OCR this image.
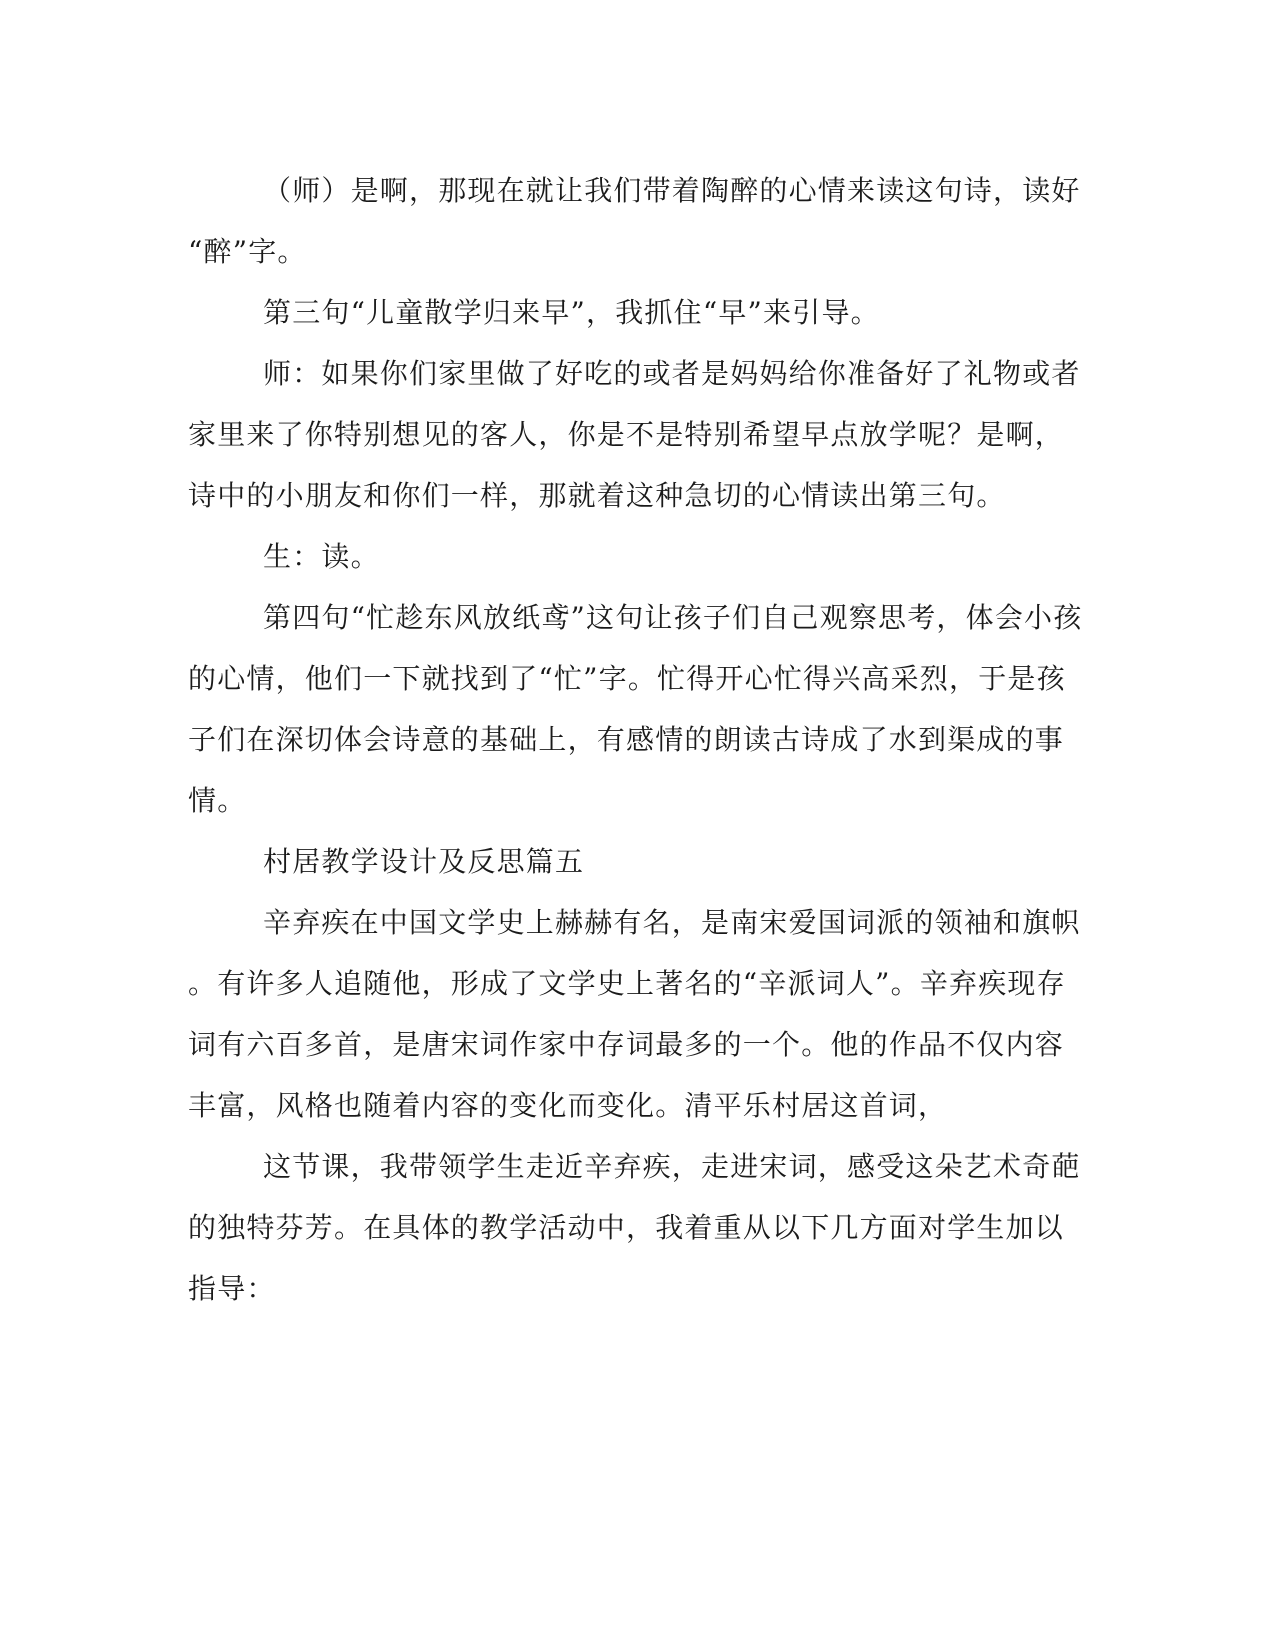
（师）是啊，那现在就让我们带着陶醉的心情来读这句诗，读好
“醉”字。
第三句“儿童散学归来早”，我抓住“早”来引导。
师：如果你们家里做了好吃的或者是妈妈给你准备好了礼物或者
家里来了你特别想见的客人，你是不是特别希望早点放学呢？是啊，
诗中的小朋友和你们一样，那就着这种急切的心情读出第三句。
生：读。
第四句“忙趁东风放纸鸢”这句让孩子们自己观察思考，体会小孩
的心情，他们一下就找到了“忙”字。忙得开心忙得兴高采烈，于是孩
子们在深切体会诗意的基础上，有感情的朗读古诗成了水到渠成的事
情。
村居教学设计及反思篇五
辛弃疾在中国文学史上赫赫有名，是南宋爱国词派的领袖和旗帜
。有许多人追随他，形成了文学史上著名的“辛派词人”。辛弃疾现存
词有六百多首，是唐宋词作家中存词最多的一个。他的作品不仅内容
丰富，风格也随着内容的变化而变化。清平乐村居这首词，
这节课，我带领学生走近辛弃疾，走进宋词，感受这朵艺术奇葩
的独特芬芳。在具体的教学活动中，我着重从以下几方面对学生加以
指导：
